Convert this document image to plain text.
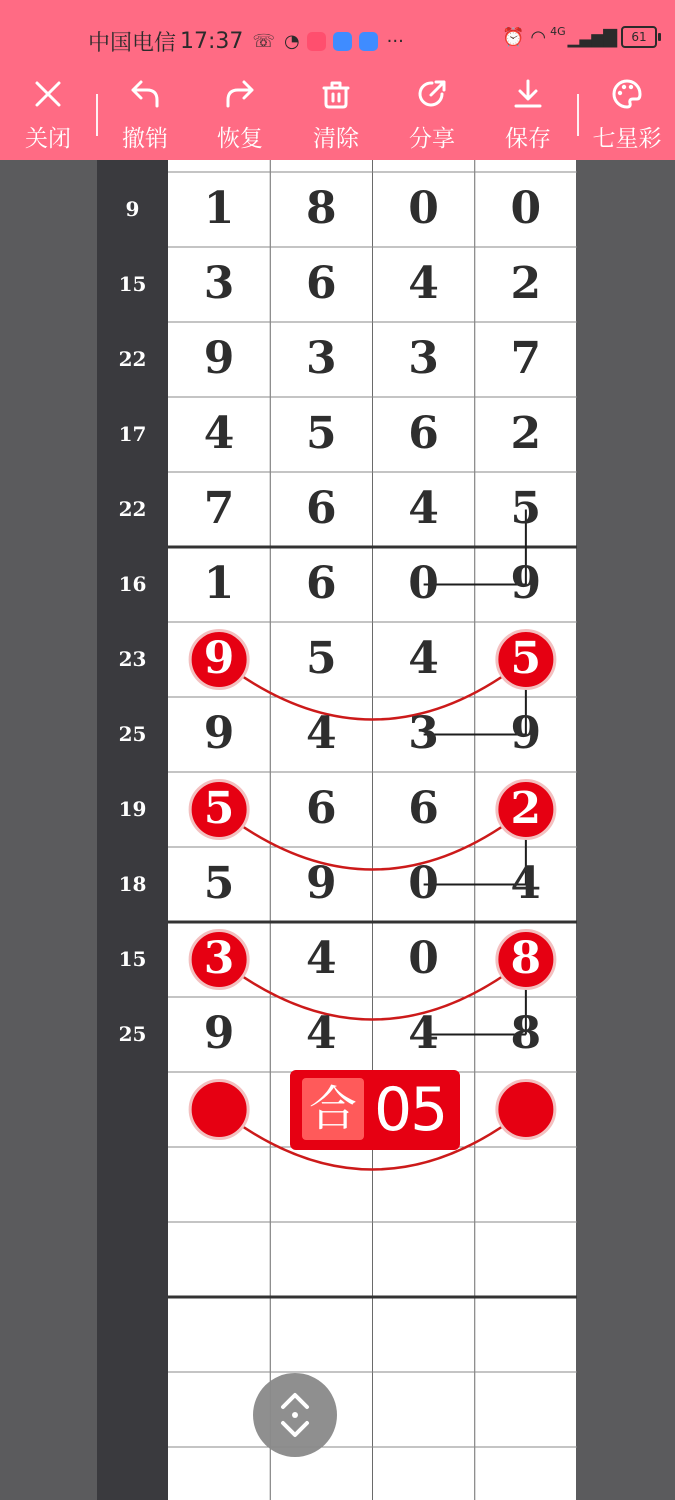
中国电信 17:37 ☏ ◔	···	⏰ ◠ 4G ▁▃▅▇	61
关闭	撤销	恢复	清除	分享	保存	七星彩
9	1	8	0	0
15	3	6	4	2
22	9	3	3	7
17	4	5	6	2
22	7	6	4	5
16	1	6	0	9
23	9	5	4	5
25	9	4	3	9
19	5	6	6	2
18	5	9	0	4
15	3	4	0	8
25	9	4	4	8
合 05
